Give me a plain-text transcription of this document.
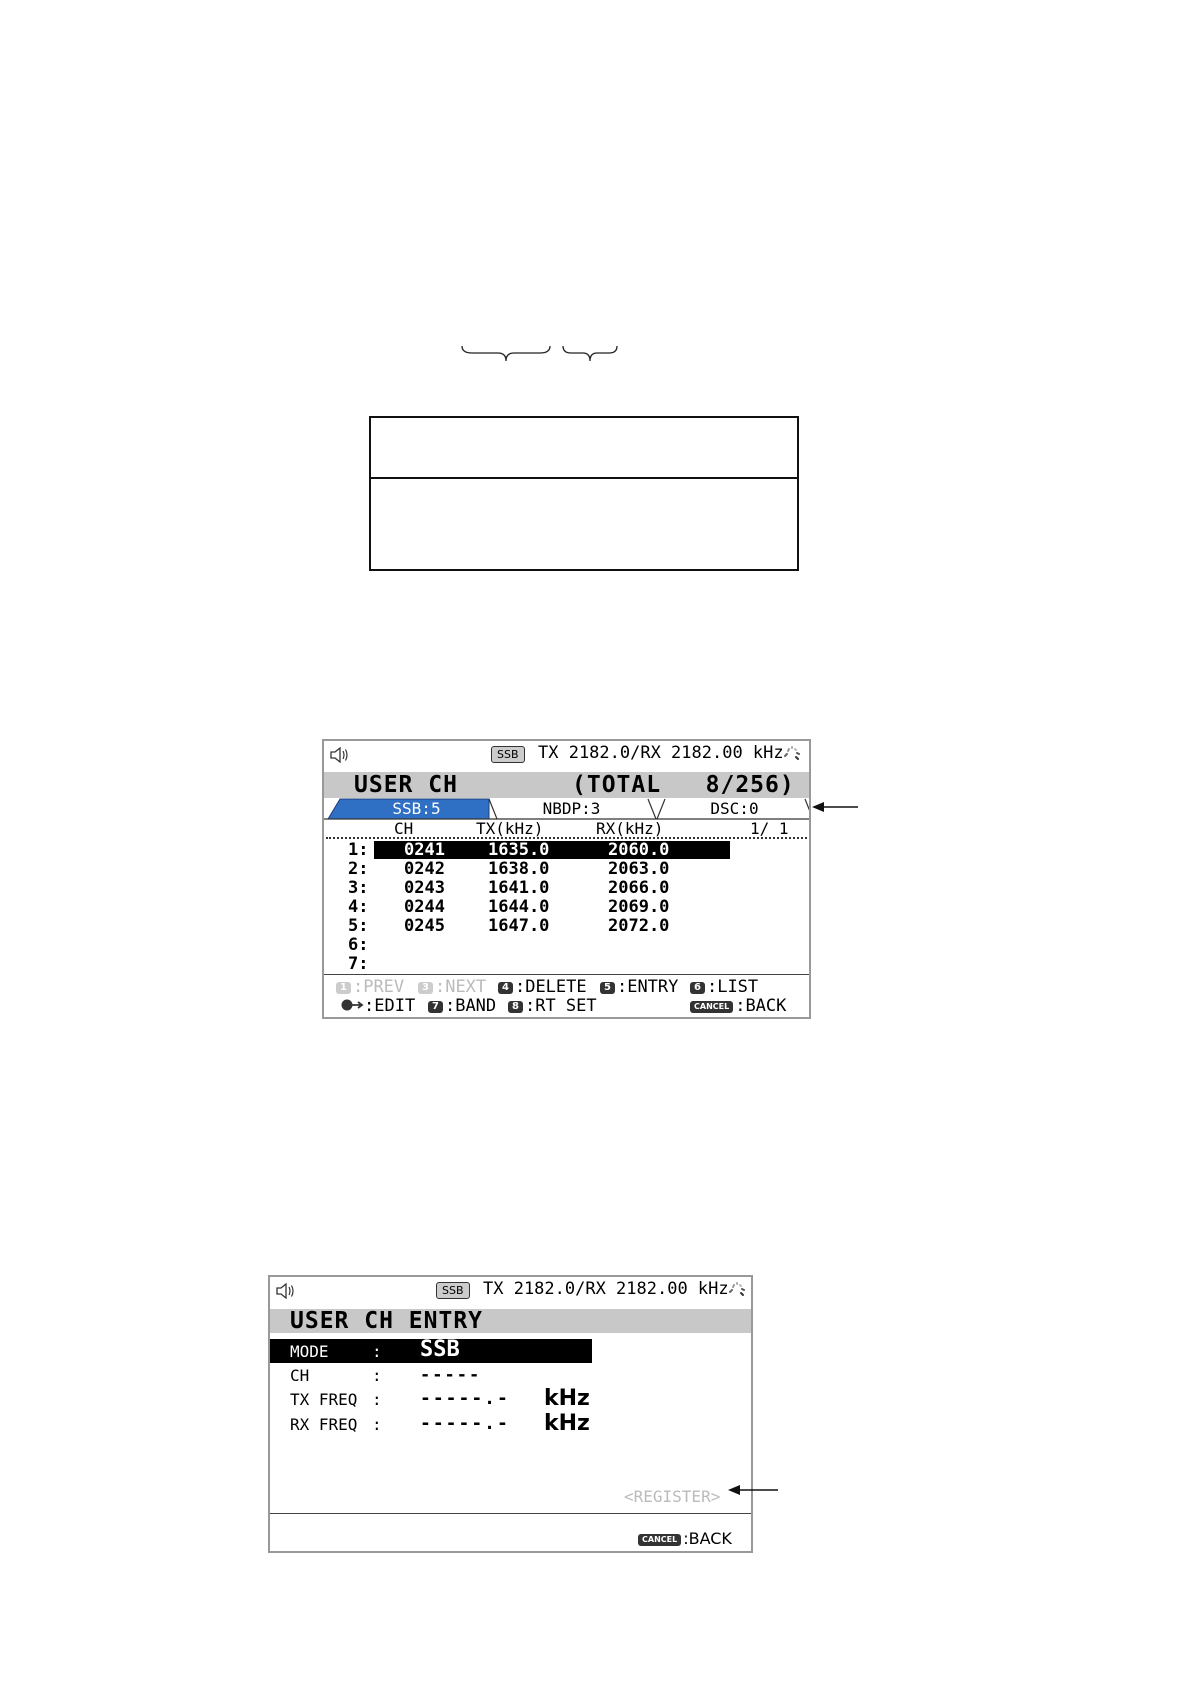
SSB	TX 2182.0/RX 2182.00 kHz
USER CH	(TOTAL   8/256)
SSB:5	NBDP:3	DSC:0
CH	TX(kHz)	RX(kHz)	1/ 1
1: 0241	1635.0	2060.0
2: 0242	1638.0	2063.0
3: 0243	1641.0	2066.0
4: 0244	1644.0	2069.0
5: 0245	1647.0	2072.0
6:
7:
1 :PREV	3 :NEXT	4 :DELETE	5 :ENTRY	6 :LIST
:EDIT	7 :BAND	8 :RT SET	CANCEL :BACK
SSB	TX 2182.0/RX 2182.00 kHz
USER CH ENTRY
MODE	: SSB
CH	: -----
TX FREQ : -----.- kHz
RX FREQ : -----.- kHz
<REGISTER>
CANCEL :BACK
